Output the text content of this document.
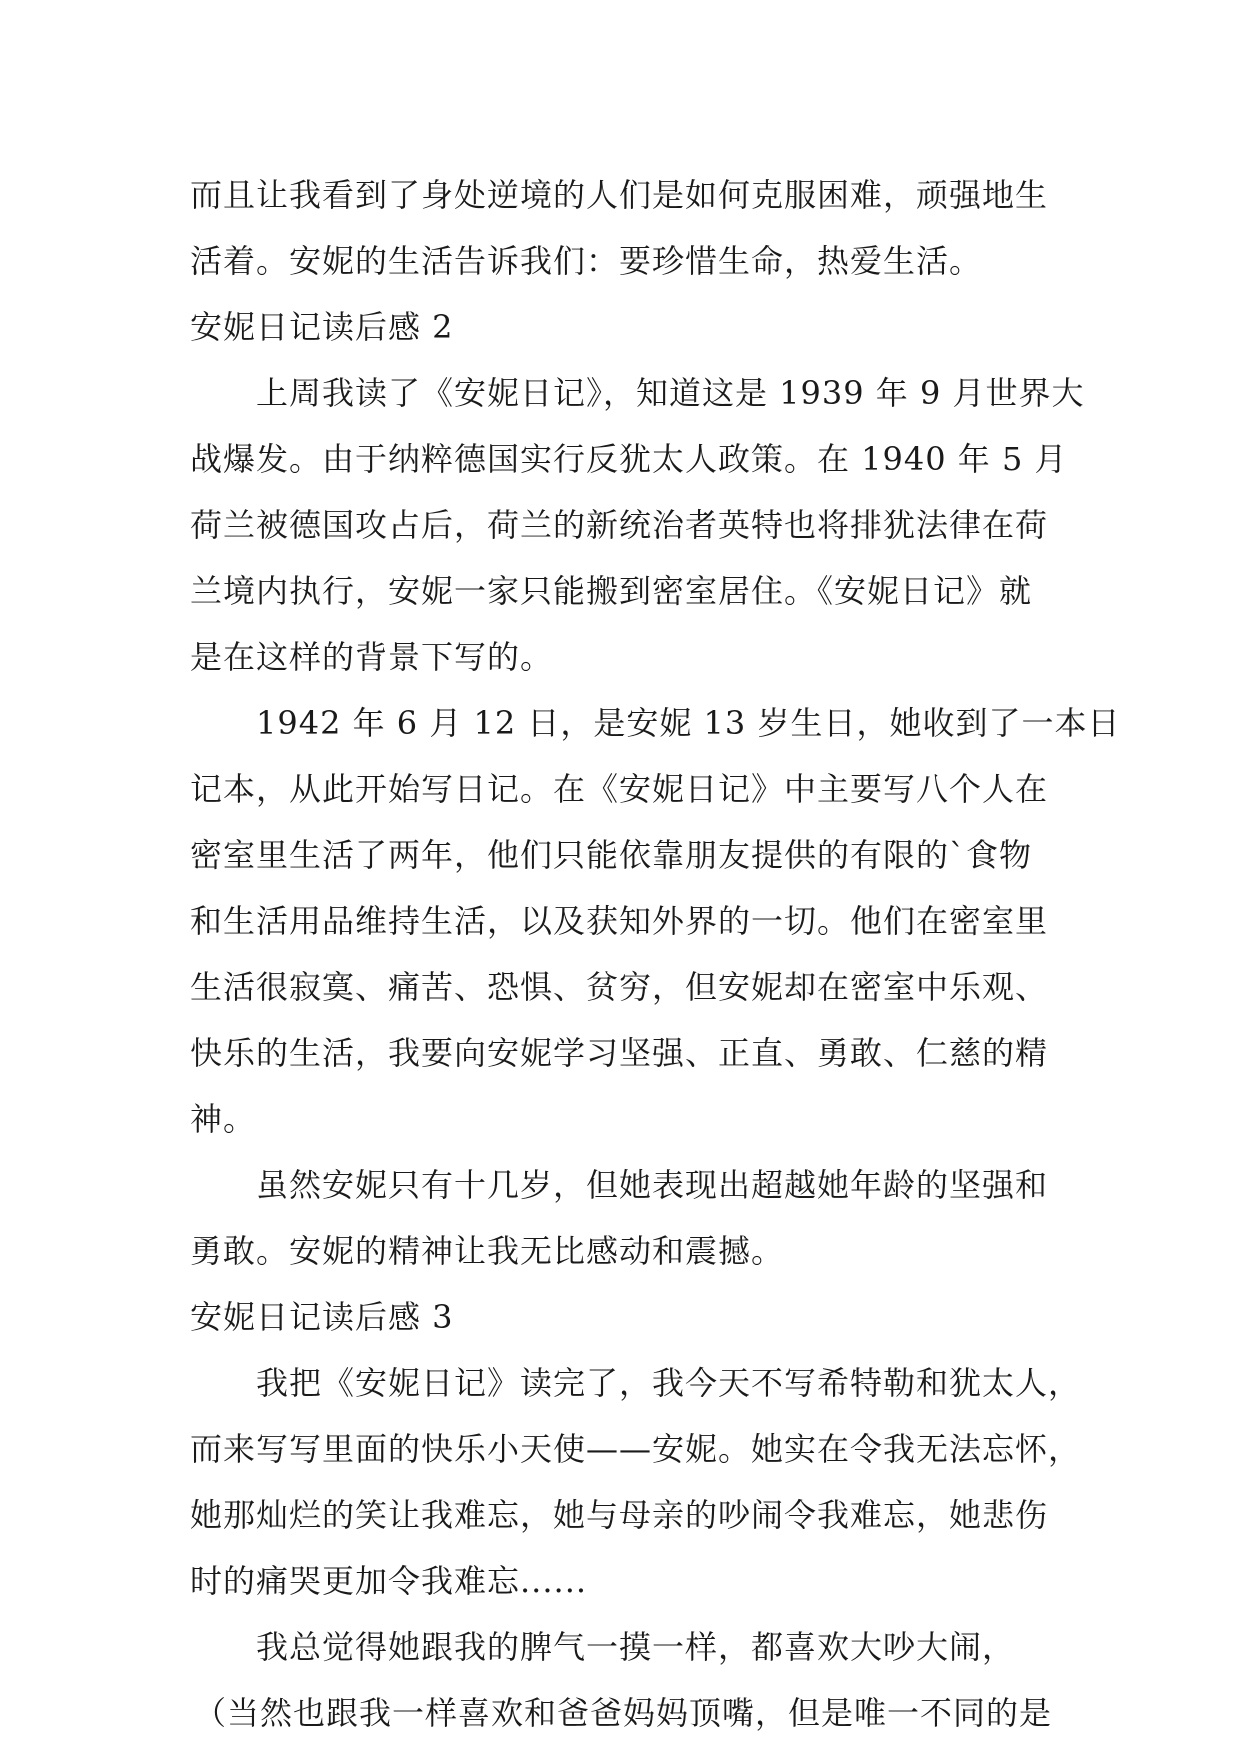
而且让我看到了身处逆境的人们是如何克服困难，顽强地生
活着。安妮的生活告诉我们：要珍惜生命，热爱生活。
安妮日记读后感 2
上周我读了《安妮日记》，知道这是 1939 年 9 月世界大
战爆发。由于纳粹德国实行反犹太人政策。在 1940 年 5 月
荷兰被德国攻占后，荷兰的新统治者英特也将排犹法律在荷
兰境内执行，安妮一家只能搬到密室居住。《安妮日记》就
是在这样的背景下写的。
1942 年 6 月 12 日，是安妮 13 岁生日，她收到了一本日
记本，从此开始写日记。在《安妮日记》中主要写八个人在
密室里生活了两年，他们只能依靠朋友提供的有限的`食物
和生活用品维持生活，以及获知外界的一切。他们在密室里
生活很寂寞、痛苦、恐惧、贫穷，但安妮却在密室中乐观、
快乐的生活，我要向安妮学习坚强、正直、勇敢、仁慈的精
神。
虽然安妮只有十几岁，但她表现出超越她年龄的坚强和
勇敢。安妮的精神让我无比感动和震撼。
安妮日记读后感 3
我把《安妮日记》读完了，我今天不写希特勒和犹太人，
而来写写里面的快乐小天使——安妮。她实在令我无法忘怀，
她那灿烂的笑让我难忘，她与母亲的吵闹令我难忘，她悲伤
时的痛哭更加令我难忘......
我总觉得她跟我的脾气一摸一样，都喜欢大吵大闹，
（当然也跟我一样喜欢和爸爸妈妈顶嘴，但是唯一不同的是
